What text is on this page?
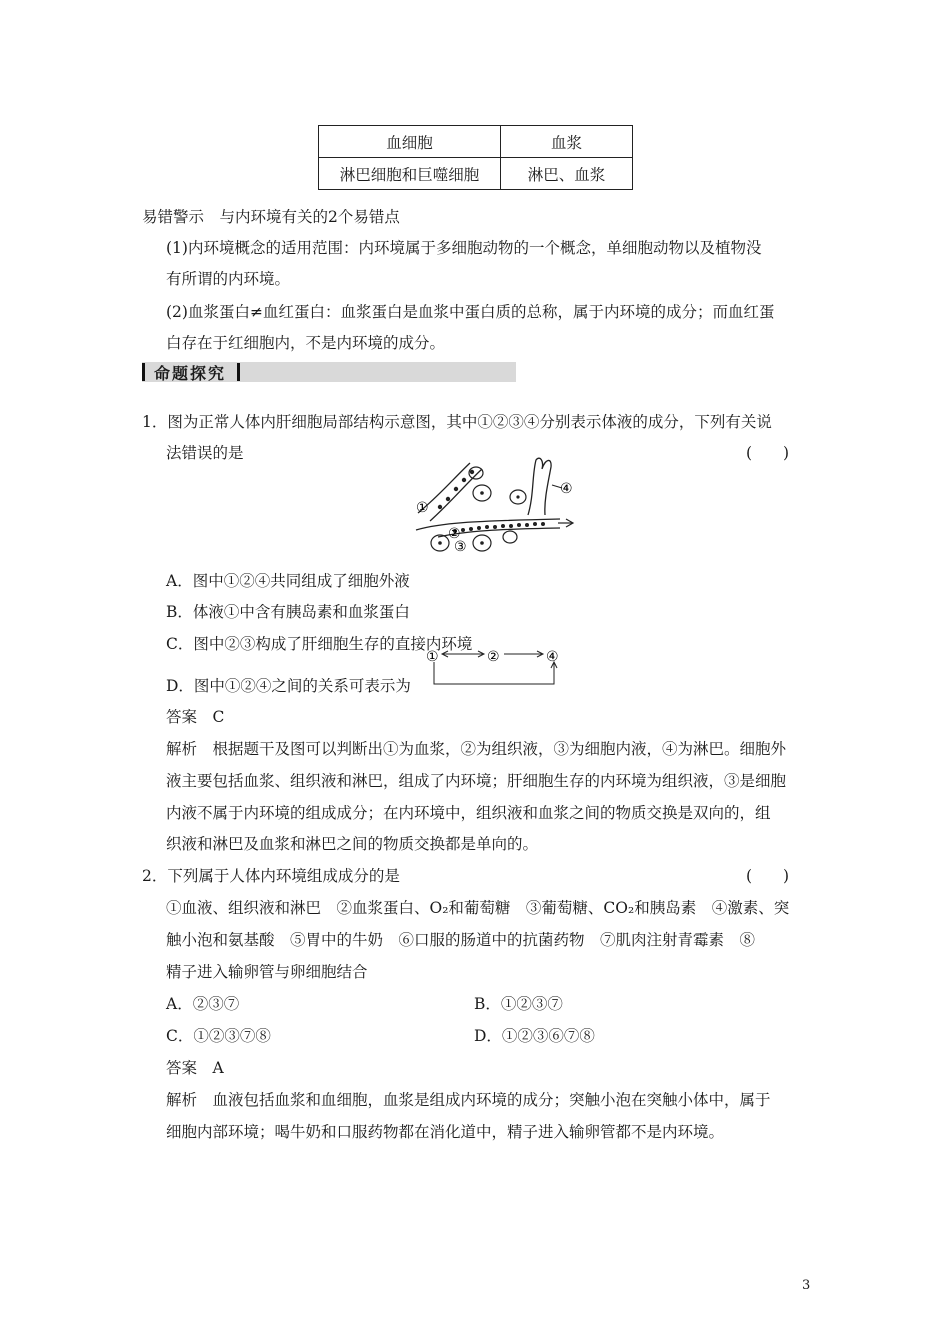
血细胞	血浆
淋巴细胞和巨噬细胞	淋巴、血浆
易错警示　与内环境有关的2个易错点
(1)内环境概念的适用范围：内环境属于多细胞动物的一个概念，单细胞动物以及植物没
有所谓的内环境。
(2)血浆蛋白≠血红蛋白：血浆蛋白是血浆中蛋白质的总称，属于内环境的成分；而血红蛋
白存在于红细胞内，不是内环境的成分。
命题探究
1．图为正常人体内肝细胞局部结构示意图，其中①②③④分别表示体液的成分，下列有关说
法错误的是	(　　)
①
②
③
④
A．图中①②④共同组成了细胞外液
B．体液①中含有胰岛素和血浆蛋白
C．图中②③构成了肝细胞生存的直接内环境
D．图中①②④之间的关系可表示为
①	②	④
答案　C
解析　根据题干及图可以判断出①为血浆，②为组织液，③为细胞内液，④为淋巴。细胞外
液主要包括血浆、组织液和淋巴，组成了内环境；肝细胞生存的内环境为组织液，③是细胞
内液不属于内环境的组成成分；在内环境中，组织液和血浆之间的物质交换是双向的，组
织液和淋巴及血浆和淋巴之间的物质交换都是单向的。
2．下列属于人体内环境组成成分的是	(　　)
①血液、组织液和淋巴　②血浆蛋白、O₂和葡萄糖　③葡萄糖、CO₂和胰岛素　④激素、突
触小泡和氨基酸　⑤胃中的牛奶　⑥口服的肠道中的抗菌药物　⑦肌肉注射青霉素　⑧
精子进入输卵管与卵细胞结合
A．②③⑦	B．①②③⑦
C．①②③⑦⑧	D．①②③⑥⑦⑧
答案　A
解析　血液包括血浆和血细胞，血浆是组成内环境的成分；突触小泡在突触小体中，属于
细胞内部环境；喝牛奶和口服药物都在消化道中，精子进入输卵管都不是内环境。
3
